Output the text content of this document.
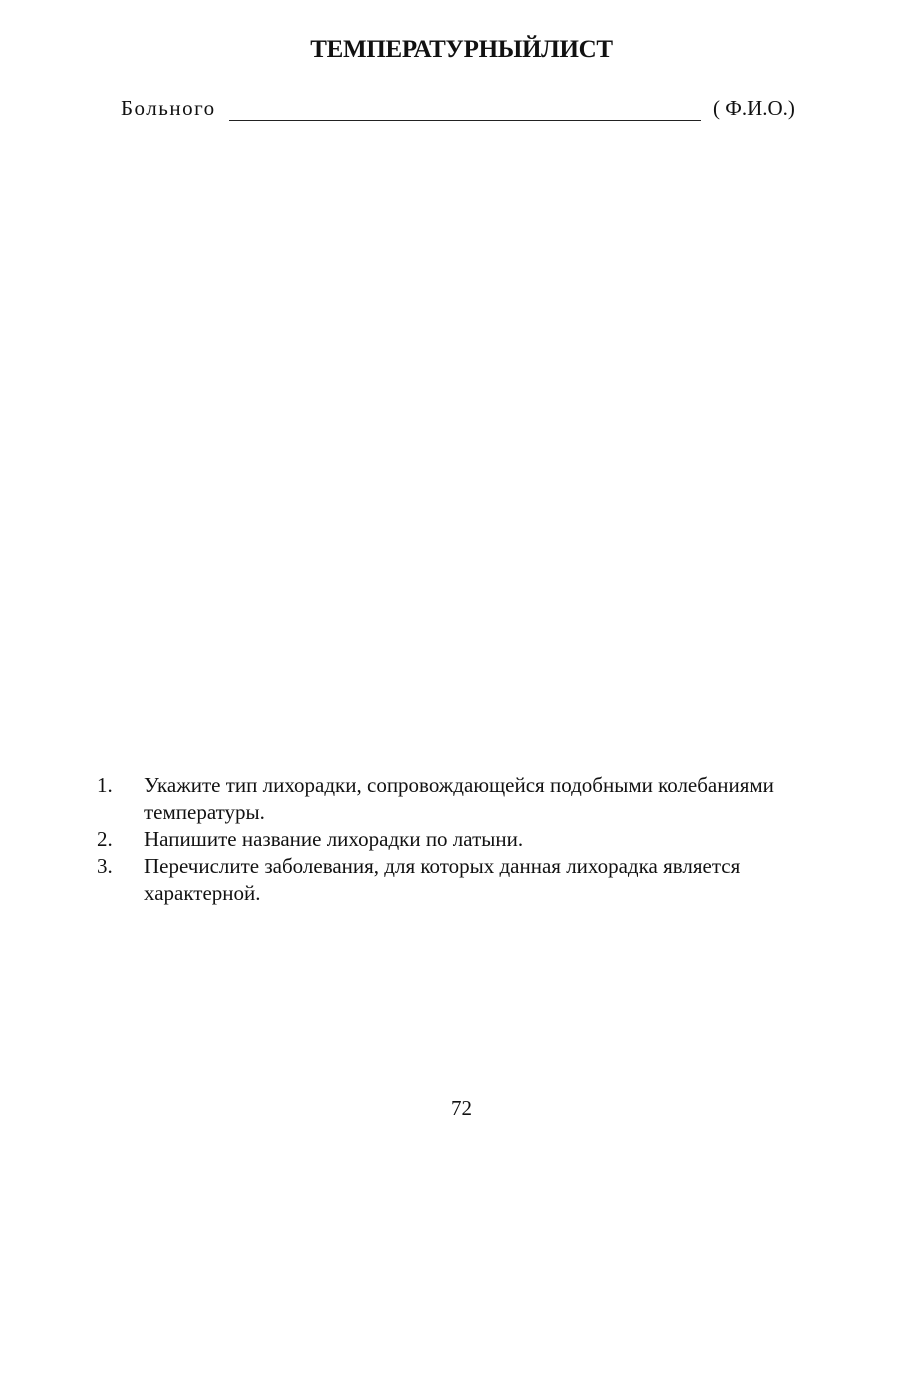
ТЕМПЕРАТУРНЫЙЛИСТ
Больного	( Ф.И.О.)
1. Укажите тип лихорадки, сопровождающейся подобными колебаниями температуры.
2. Напишите название лихорадки по латыни.
3. Перечислите заболевания, для которых данная лихорадка является характерной.
72
